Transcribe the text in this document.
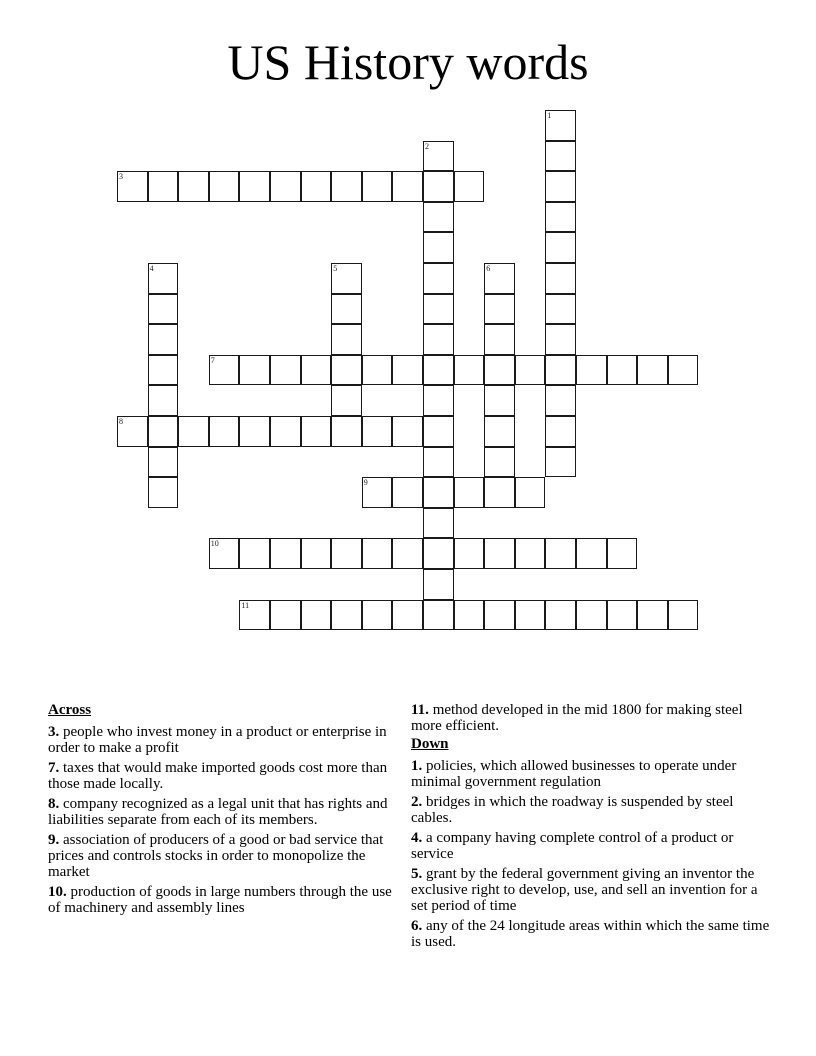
US History words
1
2
3
4	5	6
7
8
9
10
11
Across
3. people who invest money in a product or enterprise in order to make a profit
7. taxes that would make imported goods cost more than those made locally.
8. company recognized as a legal unit that has rights and liabilities separate from each of its members.
9. association of producers of a good or bad service that prices and controls stocks in order to monopolize the market
10. production of goods in large numbers through the use of machinery and assembly lines
11. method developed in the mid 1800 for making steel more efficient.
Down
1. policies, which allowed businesses to operate under minimal government regulation
2. bridges in which the roadway is suspended by steel cables.
4. a company having complete control of a product or service
5. grant by the federal government giving an inventor the exclusive right to develop, use, and sell an invention for a set period of time
6. any of the 24 longitude areas within which the same time is used.
